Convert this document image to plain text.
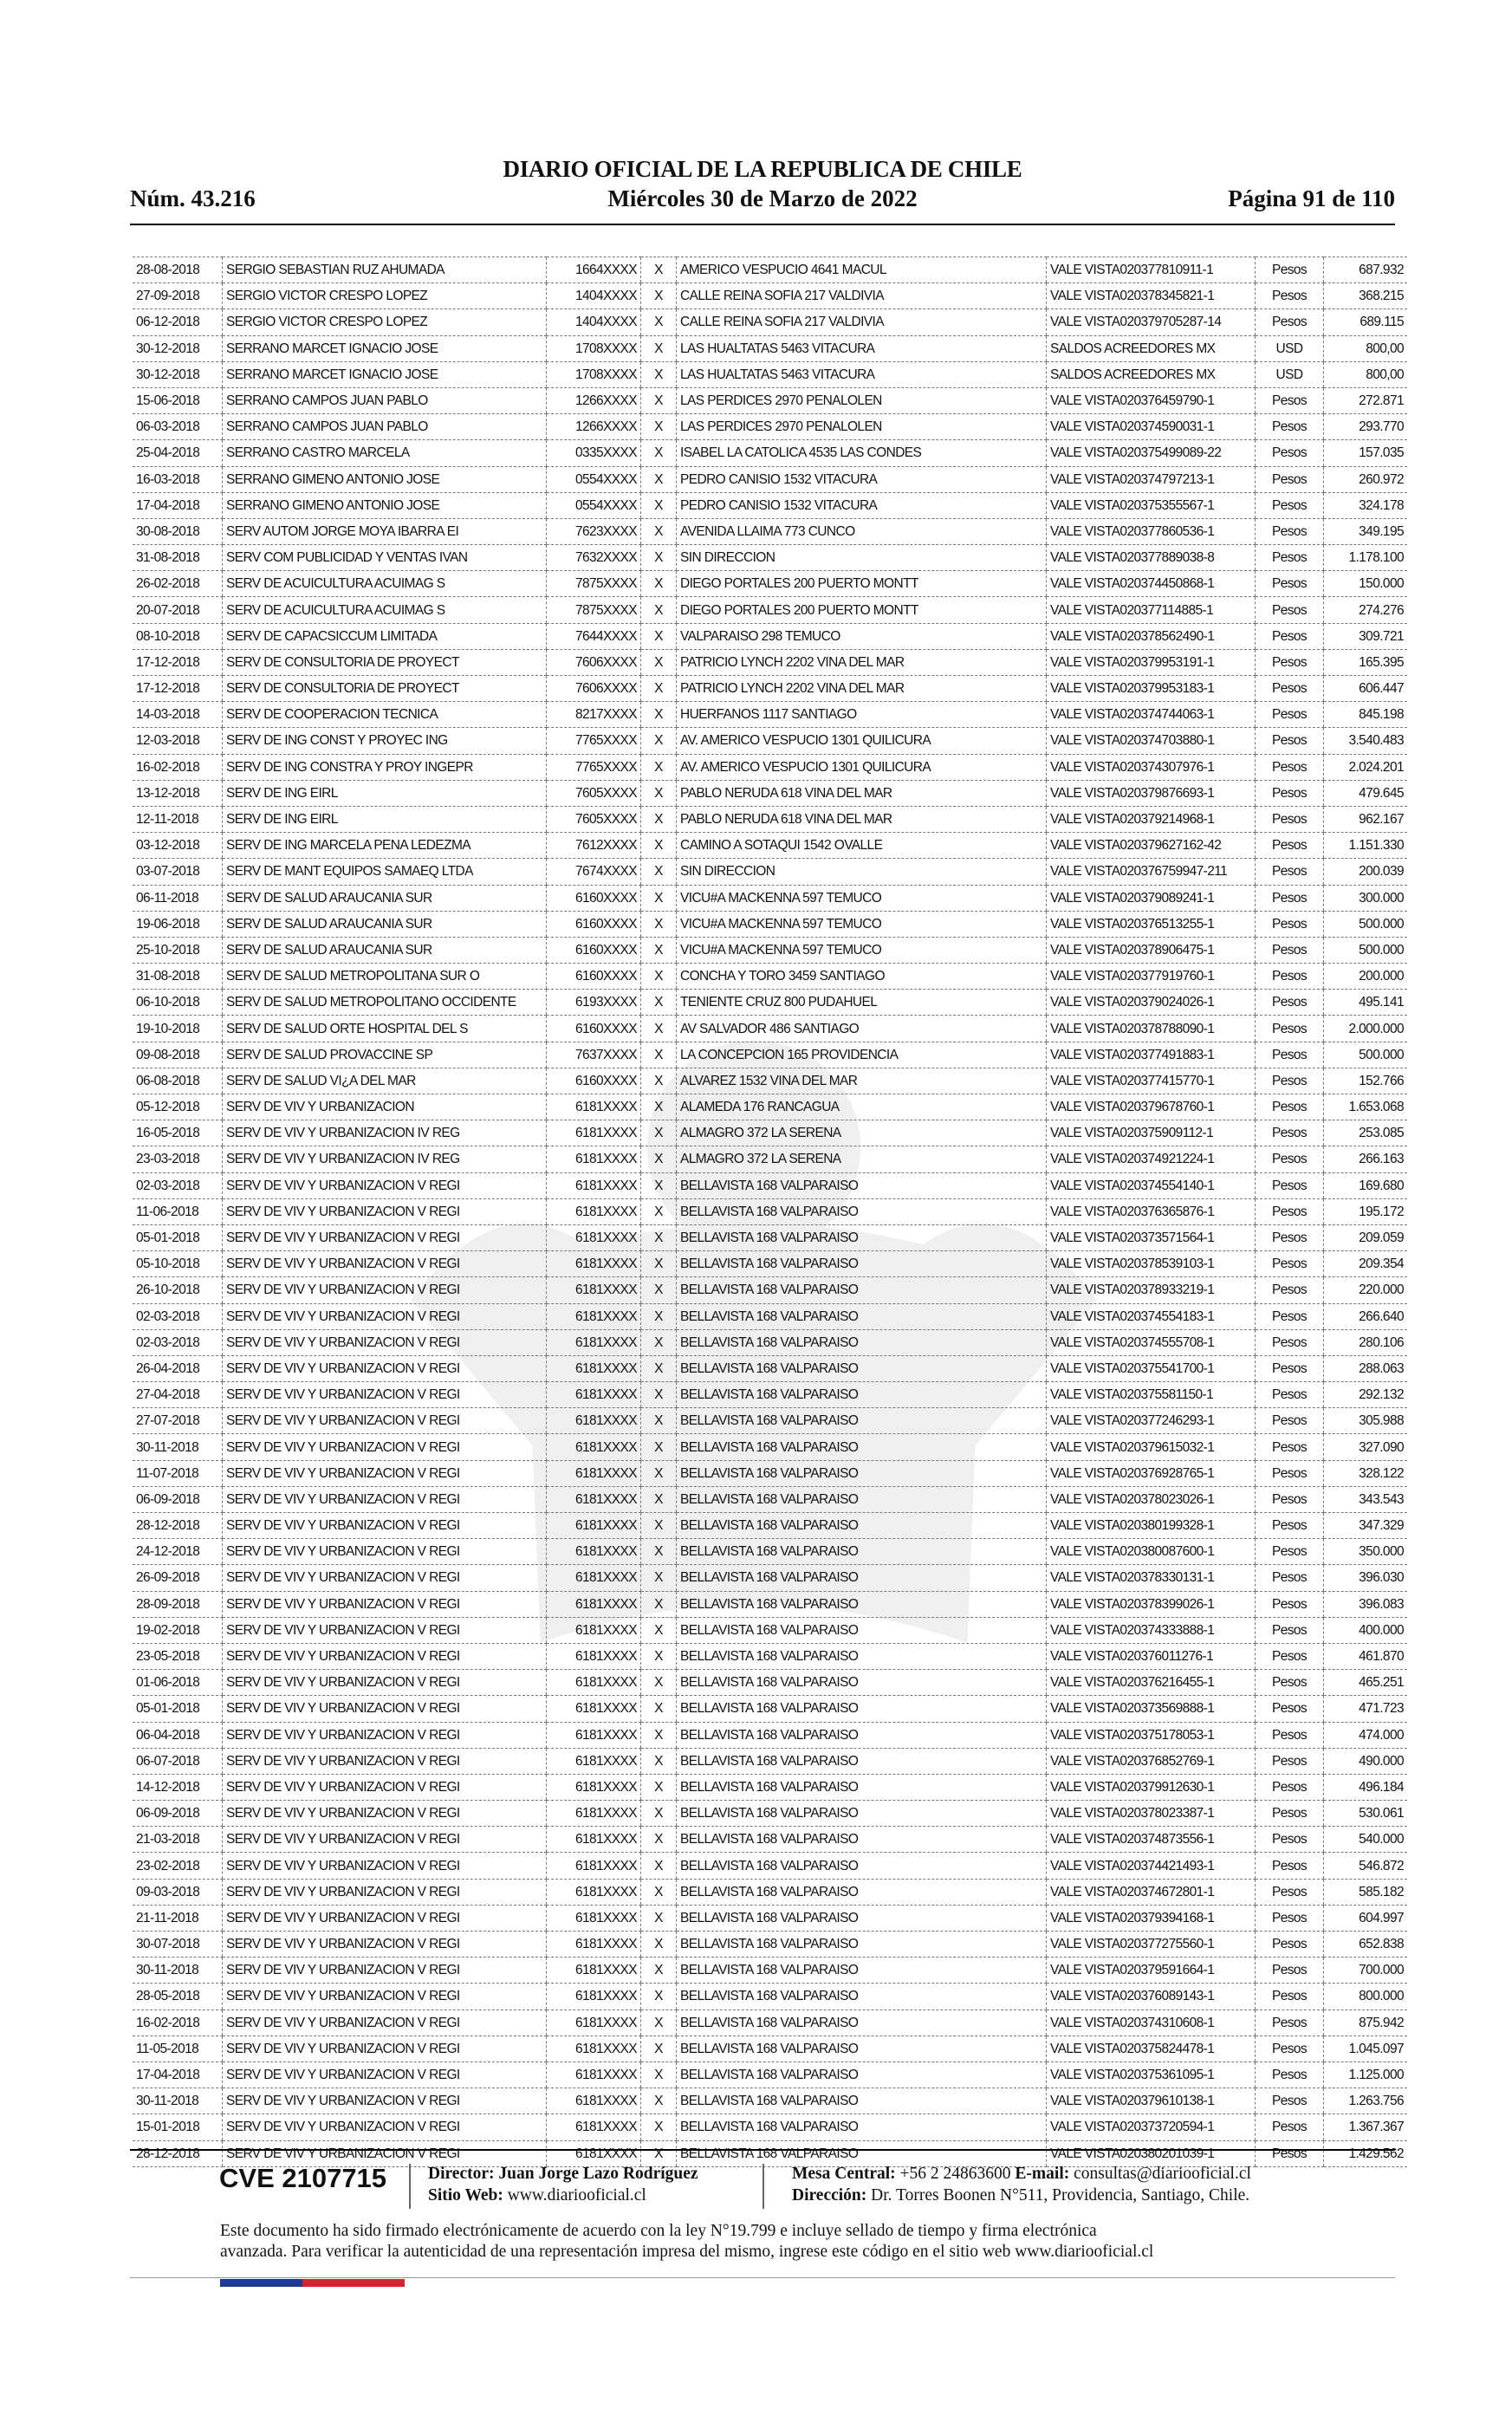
DIARIO OFICIAL DE LA REPUBLICA DE CHILE
Núm. 43.216	Miércoles 30 de Marzo de 2022	Página 91 de 110
28-08-2018	SERGIO SEBASTIAN RUZ AHUMADA	1664XXXX	X	AMERICO VESPUCIO 4641 MACUL	VALE VISTA020377810911-1	Pesos	687.932
27-09-2018	SERGIO VICTOR CRESPO LOPEZ	1404XXXX	X	CALLE REINA SOFIA 217 VALDIVIA	VALE VISTA020378345821-1	Pesos	368.215
06-12-2018	SERGIO VICTOR CRESPO LOPEZ	1404XXXX	X	CALLE REINA SOFIA 217 VALDIVIA	VALE VISTA020379705287-14	Pesos	689.115
30-12-2018	SERRANO MARCET IGNACIO JOSE	1708XXXX	X	LAS HUALTATAS 5463 VITACURA	SALDOS ACREEDORES MX	USD	800,00
30-12-2018	SERRANO MARCET IGNACIO JOSE	1708XXXX	X	LAS HUALTATAS 5463 VITACURA	SALDOS ACREEDORES MX	USD	800,00
15-06-2018	SERRANO CAMPOS JUAN PABLO	1266XXXX	X	LAS PERDICES 2970 PENALOLEN	VALE VISTA020376459790-1	Pesos	272.871
06-03-2018	SERRANO CAMPOS JUAN PABLO	1266XXXX	X	LAS PERDICES 2970 PENALOLEN	VALE VISTA020374590031-1	Pesos	293.770
25-04-2018	SERRANO CASTRO MARCELA	0335XXXX	X	ISABEL LA CATOLICA 4535 LAS CONDES	VALE VISTA020375499089-22	Pesos	157.035
16-03-2018	SERRANO GIMENO ANTONIO JOSE	0554XXXX	X	PEDRO CANISIO 1532 VITACURA	VALE VISTA020374797213-1	Pesos	260.972
17-04-2018	SERRANO GIMENO ANTONIO JOSE	0554XXXX	X	PEDRO CANISIO 1532 VITACURA	VALE VISTA020375355567-1	Pesos	324.178
30-08-2018	SERV AUTOM JORGE MOYA IBARRA EI	7623XXXX	X	AVENIDA LLAIMA 773 CUNCO	VALE VISTA020377860536-1	Pesos	349.195
31-08-2018	SERV COM PUBLICIDAD Y VENTAS IVAN	7632XXXX	X	SIN DIRECCION	VALE VISTA020377889038-8	Pesos	1.178.100
26-02-2018	SERV DE ACUICULTURA ACUIMAG S	7875XXXX	X	DIEGO PORTALES 200 PUERTO MONTT	VALE VISTA020374450868-1	Pesos	150.000
20-07-2018	SERV DE ACUICULTURA ACUIMAG S	7875XXXX	X	DIEGO PORTALES 200 PUERTO MONTT	VALE VISTA020377114885-1	Pesos	274.276
08-10-2018	SERV DE CAPACSICCUM LIMITADA	7644XXXX	X	VALPARAISO 298 TEMUCO	VALE VISTA020378562490-1	Pesos	309.721
17-12-2018	SERV DE CONSULTORIA DE PROYECT	7606XXXX	X	PATRICIO LYNCH 2202 VINA DEL MAR	VALE VISTA020379953191-1	Pesos	165.395
17-12-2018	SERV DE CONSULTORIA DE PROYECT	7606XXXX	X	PATRICIO LYNCH 2202 VINA DEL MAR	VALE VISTA020379953183-1	Pesos	606.447
14-03-2018	SERV DE COOPERACION TECNICA	8217XXXX	X	HUERFANOS 1117 SANTIAGO	VALE VISTA020374744063-1	Pesos	845.198
12-03-2018	SERV DE ING CONST Y PROYEC ING	7765XXXX	X	AV. AMERICO VESPUCIO 1301 QUILICURA	VALE VISTA020374703880-1	Pesos	3.540.483
16-02-2018	SERV DE ING CONSTRA Y PROY INGEPR	7765XXXX	X	AV. AMERICO VESPUCIO 1301 QUILICURA	VALE VISTA020374307976-1	Pesos	2.024.201
13-12-2018	SERV DE ING EIRL	7605XXXX	X	PABLO NERUDA 618 VINA DEL MAR	VALE VISTA020379876693-1	Pesos	479.645
12-11-2018	SERV DE ING EIRL	7605XXXX	X	PABLO NERUDA 618 VINA DEL MAR	VALE VISTA020379214968-1	Pesos	962.167
03-12-2018	SERV DE ING MARCELA PENA LEDEZMA	7612XXXX	X	CAMINO A SOTAQUI 1542 OVALLE	VALE VISTA020379627162-42	Pesos	1.151.330
03-07-2018	SERV DE MANT EQUIPOS SAMAEQ LTDA	7674XXXX	X	SIN DIRECCION	VALE VISTA020376759947-211	Pesos	200.039
06-11-2018	SERV DE SALUD ARAUCANIA SUR	6160XXXX	X	VICU#A MACKENNA 597 TEMUCO	VALE VISTA020379089241-1	Pesos	300.000
19-06-2018	SERV DE SALUD ARAUCANIA SUR	6160XXXX	X	VICU#A MACKENNA 597 TEMUCO	VALE VISTA020376513255-1	Pesos	500.000
25-10-2018	SERV DE SALUD ARAUCANIA SUR	6160XXXX	X	VICU#A MACKENNA 597 TEMUCO	VALE VISTA020378906475-1	Pesos	500.000
31-08-2018	SERV DE SALUD METROPOLITANA SUR O	6160XXXX	X	CONCHA Y TORO 3459 SANTIAGO	VALE VISTA020377919760-1	Pesos	200.000
06-10-2018	SERV DE SALUD METROPOLITANO OCCIDENTE	6193XXXX	X	TENIENTE CRUZ 800 PUDAHUEL	VALE VISTA020379024026-1	Pesos	495.141
19-10-2018	SERV DE SALUD ORTE HOSPITAL DEL S	6160XXXX	X	AV SALVADOR 486 SANTIAGO	VALE VISTA020378788090-1	Pesos	2.000.000
09-08-2018	SERV DE SALUD PROVACCINE SP	7637XXXX	X	LA CONCEPCION 165 PROVIDENCIA	VALE VISTA020377491883-1	Pesos	500.000
06-08-2018	SERV DE SALUD VI¿A DEL MAR	6160XXXX	X	ALVAREZ 1532 VINA DEL MAR	VALE VISTA020377415770-1	Pesos	152.766
05-12-2018	SERV DE VIV Y URBANIZACION	6181XXXX	X	ALAMEDA 176 RANCAGUA	VALE VISTA020379678760-1	Pesos	1.653.068
16-05-2018	SERV DE VIV Y URBANIZACION IV REG	6181XXXX	X	ALMAGRO 372 LA SERENA	VALE VISTA020375909112-1	Pesos	253.085
23-03-2018	SERV DE VIV Y URBANIZACION IV REG	6181XXXX	X	ALMAGRO 372 LA SERENA	VALE VISTA020374921224-1	Pesos	266.163
02-03-2018	SERV DE VIV Y URBANIZACION V REGI	6181XXXX	X	BELLAVISTA 168 VALPARAISO	VALE VISTA020374554140-1	Pesos	169.680
11-06-2018	SERV DE VIV Y URBANIZACION V REGI	6181XXXX	X	BELLAVISTA 168 VALPARAISO	VALE VISTA020376365876-1	Pesos	195.172
05-01-2018	SERV DE VIV Y URBANIZACION V REGI	6181XXXX	X	BELLAVISTA 168 VALPARAISO	VALE VISTA020373571564-1	Pesos	209.059
05-10-2018	SERV DE VIV Y URBANIZACION V REGI	6181XXXX	X	BELLAVISTA 168 VALPARAISO	VALE VISTA020378539103-1	Pesos	209.354
26-10-2018	SERV DE VIV Y URBANIZACION V REGI	6181XXXX	X	BELLAVISTA 168 VALPARAISO	VALE VISTA020378933219-1	Pesos	220.000
02-03-2018	SERV DE VIV Y URBANIZACION V REGI	6181XXXX	X	BELLAVISTA 168 VALPARAISO	VALE VISTA020374554183-1	Pesos	266.640
02-03-2018	SERV DE VIV Y URBANIZACION V REGI	6181XXXX	X	BELLAVISTA 168 VALPARAISO	VALE VISTA020374555708-1	Pesos	280.106
26-04-2018	SERV DE VIV Y URBANIZACION V REGI	6181XXXX	X	BELLAVISTA 168 VALPARAISO	VALE VISTA020375541700-1	Pesos	288.063
27-04-2018	SERV DE VIV Y URBANIZACION V REGI	6181XXXX	X	BELLAVISTA 168 VALPARAISO	VALE VISTA020375581150-1	Pesos	292.132
27-07-2018	SERV DE VIV Y URBANIZACION V REGI	6181XXXX	X	BELLAVISTA 168 VALPARAISO	VALE VISTA020377246293-1	Pesos	305.988
30-11-2018	SERV DE VIV Y URBANIZACION V REGI	6181XXXX	X	BELLAVISTA 168 VALPARAISO	VALE VISTA020379615032-1	Pesos	327.090
11-07-2018	SERV DE VIV Y URBANIZACION V REGI	6181XXXX	X	BELLAVISTA 168 VALPARAISO	VALE VISTA020376928765-1	Pesos	328.122
06-09-2018	SERV DE VIV Y URBANIZACION V REGI	6181XXXX	X	BELLAVISTA 168 VALPARAISO	VALE VISTA020378023026-1	Pesos	343.543
28-12-2018	SERV DE VIV Y URBANIZACION V REGI	6181XXXX	X	BELLAVISTA 168 VALPARAISO	VALE VISTA020380199328-1	Pesos	347.329
24-12-2018	SERV DE VIV Y URBANIZACION V REGI	6181XXXX	X	BELLAVISTA 168 VALPARAISO	VALE VISTA020380087600-1	Pesos	350.000
26-09-2018	SERV DE VIV Y URBANIZACION V REGI	6181XXXX	X	BELLAVISTA 168 VALPARAISO	VALE VISTA020378330131-1	Pesos	396.030
28-09-2018	SERV DE VIV Y URBANIZACION V REGI	6181XXXX	X	BELLAVISTA 168 VALPARAISO	VALE VISTA020378399026-1	Pesos	396.083
19-02-2018	SERV DE VIV Y URBANIZACION V REGI	6181XXXX	X	BELLAVISTA 168 VALPARAISO	VALE VISTA020374333888-1	Pesos	400.000
23-05-2018	SERV DE VIV Y URBANIZACION V REGI	6181XXXX	X	BELLAVISTA 168 VALPARAISO	VALE VISTA020376011276-1	Pesos	461.870
01-06-2018	SERV DE VIV Y URBANIZACION V REGI	6181XXXX	X	BELLAVISTA 168 VALPARAISO	VALE VISTA020376216455-1	Pesos	465.251
05-01-2018	SERV DE VIV Y URBANIZACION V REGI	6181XXXX	X	BELLAVISTA 168 VALPARAISO	VALE VISTA020373569888-1	Pesos	471.723
06-04-2018	SERV DE VIV Y URBANIZACION V REGI	6181XXXX	X	BELLAVISTA 168 VALPARAISO	VALE VISTA020375178053-1	Pesos	474.000
06-07-2018	SERV DE VIV Y URBANIZACION V REGI	6181XXXX	X	BELLAVISTA 168 VALPARAISO	VALE VISTA020376852769-1	Pesos	490.000
14-12-2018	SERV DE VIV Y URBANIZACION V REGI	6181XXXX	X	BELLAVISTA 168 VALPARAISO	VALE VISTA020379912630-1	Pesos	496.184
06-09-2018	SERV DE VIV Y URBANIZACION V REGI	6181XXXX	X	BELLAVISTA 168 VALPARAISO	VALE VISTA020378023387-1	Pesos	530.061
21-03-2018	SERV DE VIV Y URBANIZACION V REGI	6181XXXX	X	BELLAVISTA 168 VALPARAISO	VALE VISTA020374873556-1	Pesos	540.000
23-02-2018	SERV DE VIV Y URBANIZACION V REGI	6181XXXX	X	BELLAVISTA 168 VALPARAISO	VALE VISTA020374421493-1	Pesos	546.872
09-03-2018	SERV DE VIV Y URBANIZACION V REGI	6181XXXX	X	BELLAVISTA 168 VALPARAISO	VALE VISTA020374672801-1	Pesos	585.182
21-11-2018	SERV DE VIV Y URBANIZACION V REGI	6181XXXX	X	BELLAVISTA 168 VALPARAISO	VALE VISTA020379394168-1	Pesos	604.997
30-07-2018	SERV DE VIV Y URBANIZACION V REGI	6181XXXX	X	BELLAVISTA 168 VALPARAISO	VALE VISTA020377275560-1	Pesos	652.838
30-11-2018	SERV DE VIV Y URBANIZACION V REGI	6181XXXX	X	BELLAVISTA 168 VALPARAISO	VALE VISTA020379591664-1	Pesos	700.000
28-05-2018	SERV DE VIV Y URBANIZACION V REGI	6181XXXX	X	BELLAVISTA 168 VALPARAISO	VALE VISTA020376089143-1	Pesos	800.000
16-02-2018	SERV DE VIV Y URBANIZACION V REGI	6181XXXX	X	BELLAVISTA 168 VALPARAISO	VALE VISTA020374310608-1	Pesos	875.942
11-05-2018	SERV DE VIV Y URBANIZACION V REGI	6181XXXX	X	BELLAVISTA 168 VALPARAISO	VALE VISTA020375824478-1	Pesos	1.045.097
17-04-2018	SERV DE VIV Y URBANIZACION V REGI	6181XXXX	X	BELLAVISTA 168 VALPARAISO	VALE VISTA020375361095-1	Pesos	1.125.000
30-11-2018	SERV DE VIV Y URBANIZACION V REGI	6181XXXX	X	BELLAVISTA 168 VALPARAISO	VALE VISTA020379610138-1	Pesos	1.263.756
15-01-2018	SERV DE VIV Y URBANIZACION V REGI	6181XXXX	X	BELLAVISTA 168 VALPARAISO	VALE VISTA020373720594-1	Pesos	1.367.367
28-12-2018	SERV DE VIV Y URBANIZACION V REGI	6181XXXX	X	BELLAVISTA 168 VALPARAISO	VALE VISTA020380201039-1	Pesos	1.429.562
CVE 2107715 Director: Juan Jorge Lazo Rodríguez
Sitio Web: www.diariooficial.cl
Mesa Central: +56 2 24863600 E-mail: consultas@diariooficial.cl
Dirección: Dr. Torres Boonen N°511, Providencia, Santiago, Chile.
Este documento ha sido firmado electrónicamente de acuerdo con la ley N°19.799 e incluye sellado de tiempo y firma electrónica
avanzada. Para verificar la autenticidad de una representación impresa del mismo, ingrese este código en el sitio web www.diariooficial.cl
